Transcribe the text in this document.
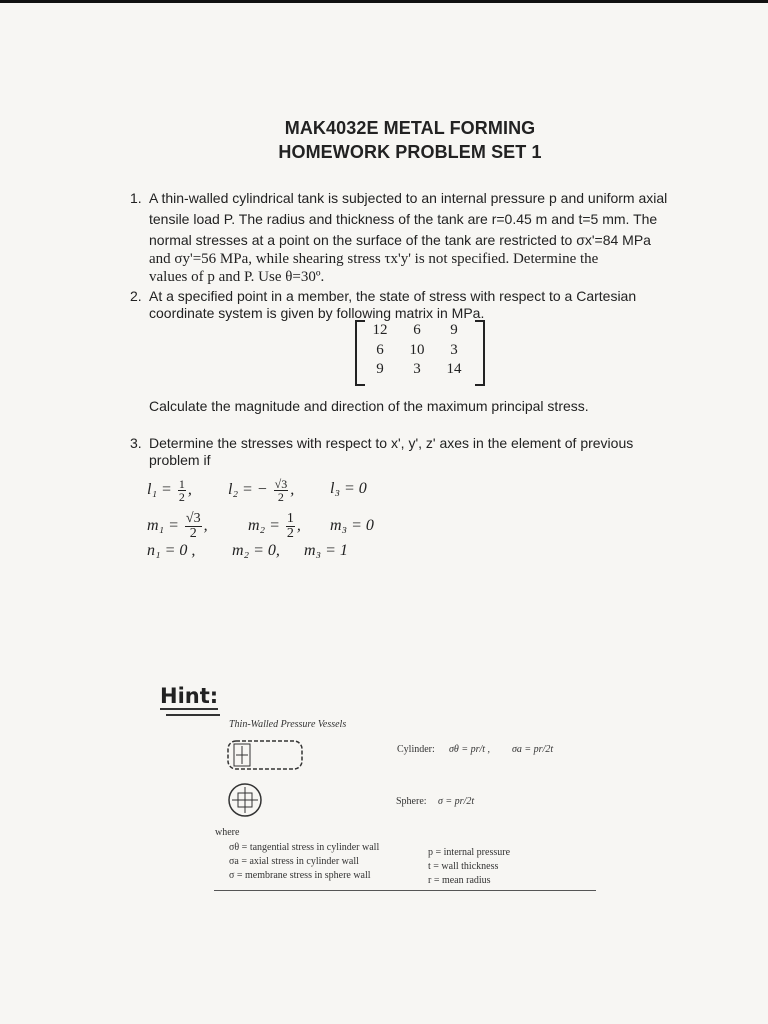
MAK4032E METAL FORMING
HOMEWORK PROBLEM SET 1
1. A thin-walled cylindrical tank is subjected to an internal pressure p and uniform axial
tensile load P. The radius and thickness of the tank are r=0.45 m and t=5 mm. The
normal stresses at a point on the surface of the tank are restricted to σx'=84 MPa
and σy'=56 MPa, while shearing stress τx'y' is not specified. Determine the
values of p and P. Use θ=30º.
2. At a specified point in a member, the state of stress with respect to a Cartesian
coordinate system is given by following matrix in MPa.
12	6	9
6	10	3
9	3	14
Calculate the magnitude and direction of the maximum principal stress.
3. Determine the stresses with respect to x', y', z' axes in the element of previous
problem if
$l_1 = \frac{1}{2}$ , l₂ = − $\frac{√3}{2}$ , l₃ = 0
$m_1 = \frac{√3}{2}$ ,	$m_2 = \frac{1}{2}$ , m₃ = 0
n₁ = 0 , m₂ = 0, m₃ = 1
Hint:
Thin-Walled Pressure Vessels
Cylinder: σθ = pr/t , σa = pr/2t
Sphere: σ = pr/2t
where
σθ = tangential stress in cylinder wall
σa = axial stress in cylinder wall
σ = membrane stress in sphere wall
p = internal pressure
t = wall thickness
r = mean radius
